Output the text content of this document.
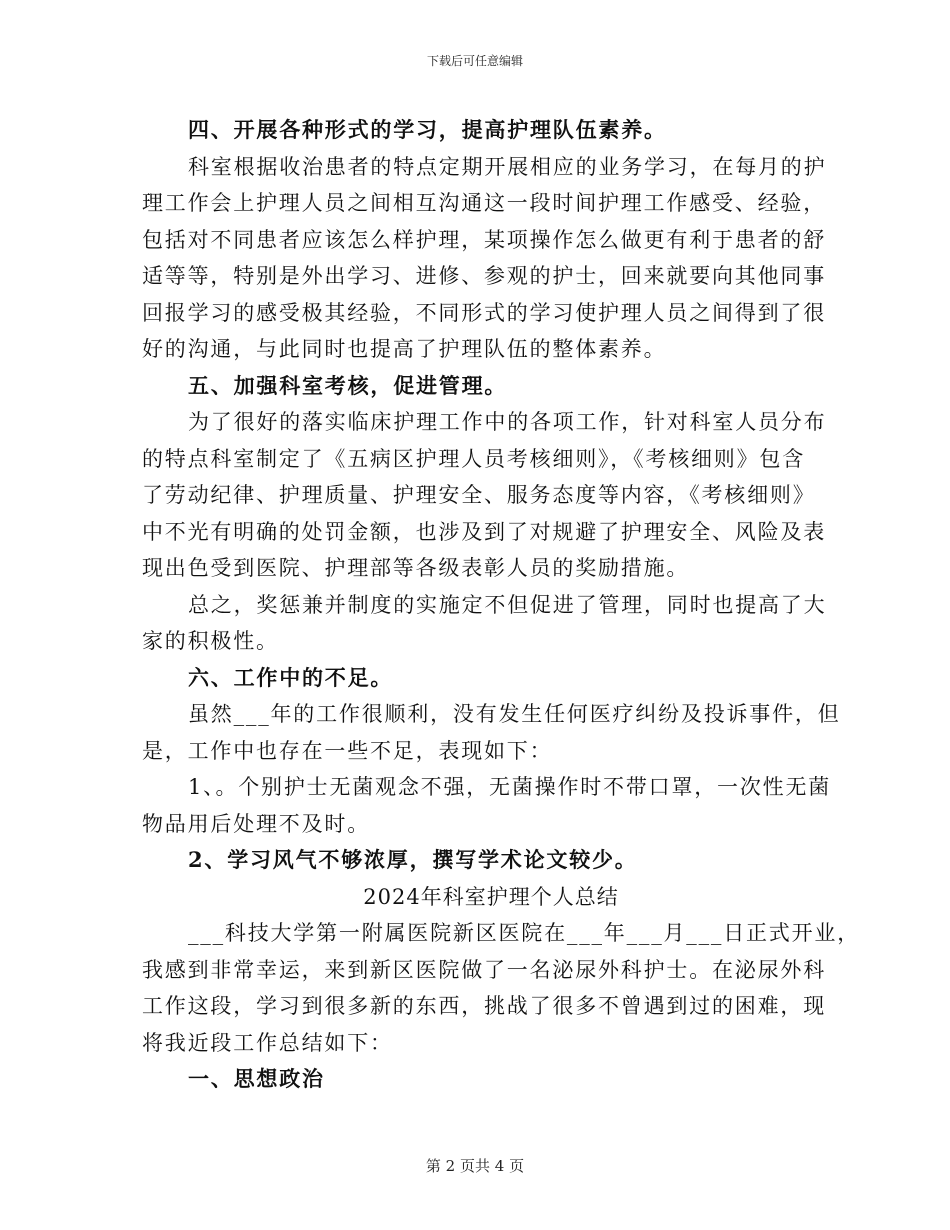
下载后可任意编辑
四、开展各种形式的学习，提高护理队伍素养。
科室根据收治患者的特点定期开展相应的业务学习，在每月的护
理工作会上护理人员之间相互沟通这一段时间护理工作感受、经验，
包括对不同患者应该怎么样护理，某项操作怎么做更有利于患者的舒
适等等，特别是外出学习、进修、参观的护士，回来就要向其他同事
回报学习的感受极其经验，不同形式的学习使护理人员之间得到了很
好的沟通，与此同时也提高了护理队伍的整体素养。
五、加强科室考核，促进管理。
为了很好的落实临床护理工作中的各项工作，针对科室人员分布
的特点科室制定了《五病区护理人员考核细则》，《考核细则》包含
了劳动纪律、护理质量、护理安全、服务态度等内容，《考核细则》
中不光有明确的处罚金额，也涉及到了对规避了护理安全、风险及表
现出色受到医院、护理部等各级表彰人员的奖励措施。
总之，奖惩兼并制度的实施定不但促进了管理，同时也提高了大
家的积极性。
六、工作中的不足。
虽然___年的工作很顺利，没有发生任何医疗纠纷及投诉事件，但
是，工作中也存在一些不足，表现如下：
1、。个别护士无菌观念不强，无菌操作时不带口罩，一次性无菌
物品用后处理不及时。
2、学习风气不够浓厚，撰写学术论文较少。
2024年科室护理个人总结
___科技大学第一附属医院新区医院在___年___月___日正式开业，
我感到非常幸运，来到新区医院做了一名泌尿外科护士。在泌尿外科
工作这段，学习到很多新的东西，挑战了很多不曾遇到过的困难，现
将我近段工作总结如下：
一、思想政治
第 2 页共 4 页
